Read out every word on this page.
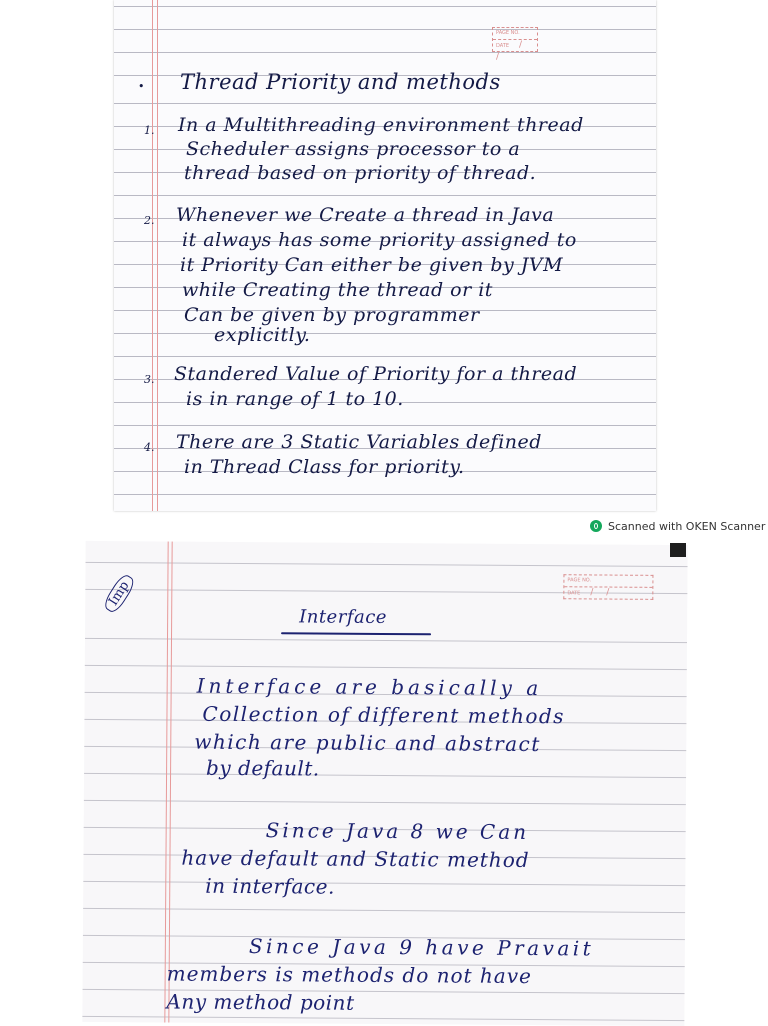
PAGE NO.
DATE / /

• Thread Priority and methods

1. In a Multithreading environment thread

Scheduler assigns processor to a

thread based on priority of thread.

2. Whenever we Create a thread in Java

it always has some priority assigned to

it Priority Can either be given by JVM

while Creating the thread or it

Can be given by programmer

explicitly.

3. Standered Value of Priority for a thread

is in range of 1 to 10.

4. There are 3 Static Variables defined

in Thread Class for priority.

Scanned with OKEN Scanner
PAGE NO.
DATE / /
Imp

Interface

Interface are basically a

Collection of different methods

which are public and abstract

by default.

Since Java 8 we Can

have default and Static method

in interface.

Since Java 9 have Pravait

members is methods do not have

Any method point
